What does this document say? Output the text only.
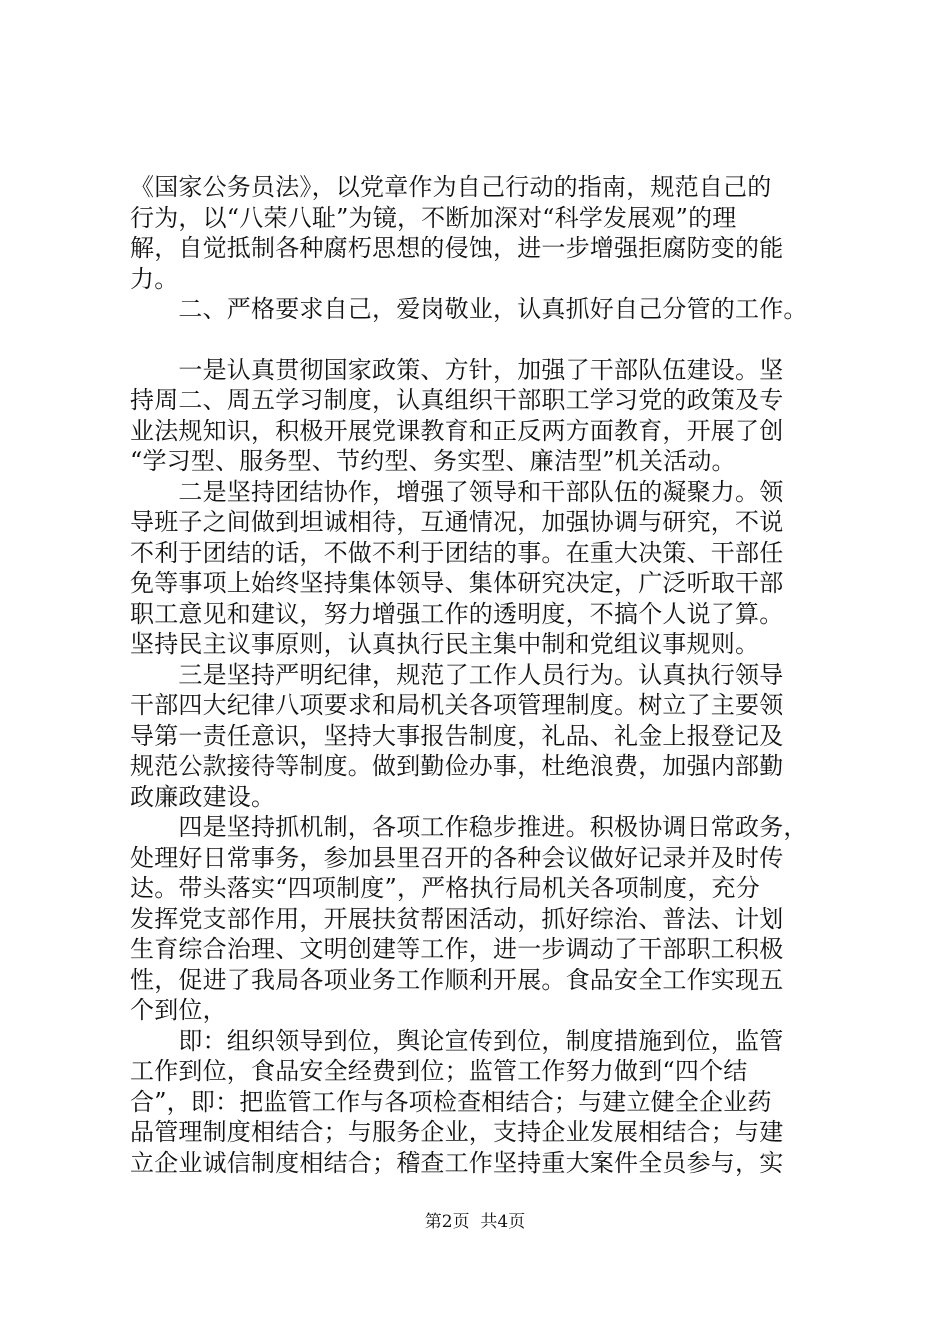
《国家公务员法》，以党章作为自己行动的指南，规范自己的
行为，以“八荣八耻”为镜，不断加深对“科学发展观”的理
解，自觉抵制各种腐朽思想的侵蚀，进一步增强拒腐防变的能
力。
　　二、严格要求自己，爱岗敬业，认真抓好自己分管的工作。
　　一是认真贯彻国家政策、方针，加强了干部队伍建设。坚
持周二、周五学习制度，认真组织干部职工学习党的政策及专
业法规知识，积极开展党课教育和正反两方面教育，开展了创
“学习型、服务型、节约型、务实型、廉洁型”机关活动。
　　二是坚持团结协作，增强了领导和干部队伍的凝聚力。领
导班子之间做到坦诚相待，互通情况，加强协调与研究，不说
不利于团结的话，不做不利于团结的事。在重大决策、干部任
免等事项上始终坚持集体领导、集体研究决定，广泛听取干部
职工意见和建议，努力增强工作的透明度，不搞个人说了算。
坚持民主议事原则，认真执行民主集中制和党组议事规则。
　　三是坚持严明纪律，规范了工作人员行为。认真执行领导
干部四大纪律八项要求和局机关各项管理制度。树立了主要领
导第一责任意识，坚持大事报告制度，礼品、礼金上报登记及
规范公款接待等制度。做到勤俭办事，杜绝浪费，加强内部勤
政廉政建设。
　　四是坚持抓机制，各项工作稳步推进。积极协调日常政务，
处理好日常事务，参加县里召开的各种会议做好记录并及时传
达。带头落实“四项制度”，严格执行局机关各项制度，充分
发挥党支部作用，开展扶贫帮困活动，抓好综治、普法、计划
生育综合治理、文明创建等工作，进一步调动了干部职工积极
性，促进了我局各项业务工作顺利开展。食品安全工作实现五
个到位，
　　即：组织领导到位，舆论宣传到位，制度措施到位，监管
工作到位，食品安全经费到位；监管工作努力做到“四个结
合”，即：把监管工作与各项检查相结合；与建立健全企业药
品管理制度相结合；与服务企业，支持企业发展相结合；与建
立企业诚信制度相结合；稽查工作坚持重大案件全员参与，实
第2页  共4页
